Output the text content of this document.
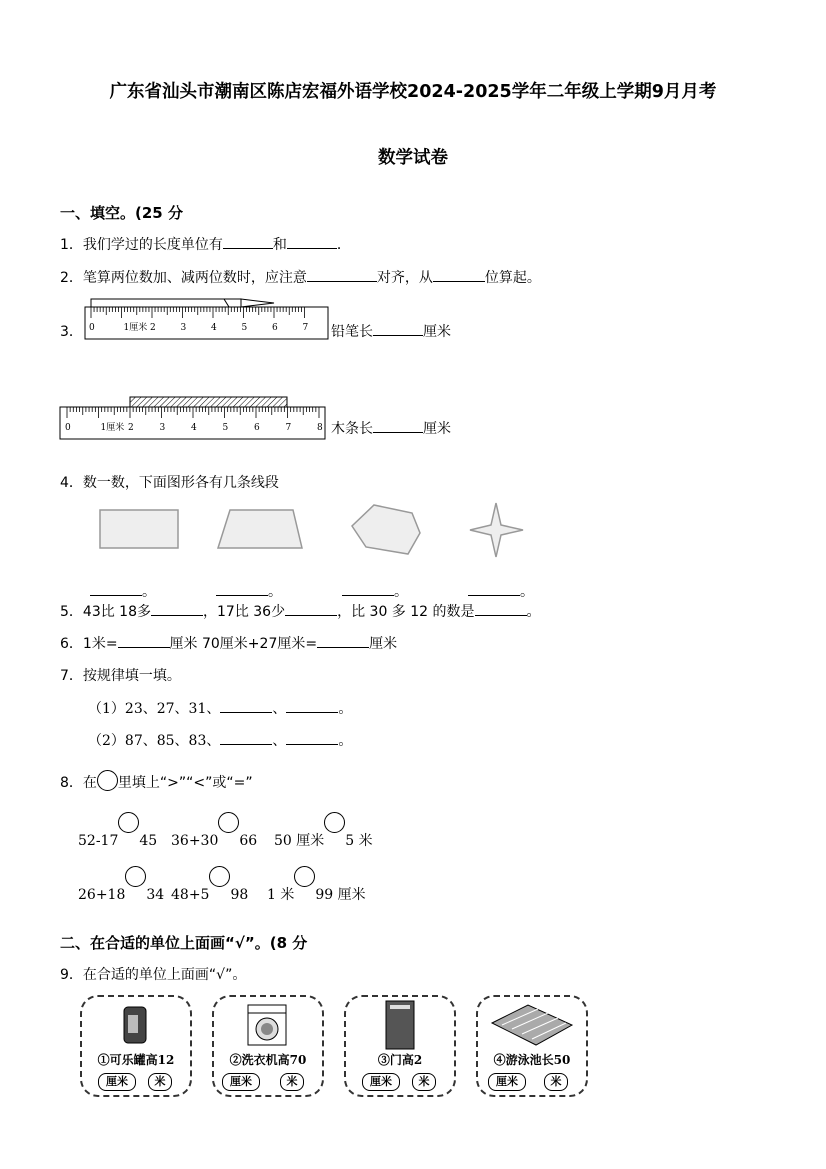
广东省汕头市潮南区陈店宏福外语学校2024-2025学年二年级上学期9月月考
数学试卷
一、填空。(25 分
1．我们学过的长度单位有	和	．
2．笔算两位数加、减两位数时，应注意	对齐，从	位算起。
3． 0	1厘米 2	3	4	5	6	7 铅笔长	厘米
0	1厘米 2	3	4	5	6	7	8 木条长	厘米
4．数一数，下面图形各有几条线段
。	。	。	。
5．43比 18多	，17比 36少	，比 30 多 12 的数是	。
6．1米=	厘米 70厘米+27厘米=	厘米
7．按规律填一填。
（1）23、27、31、	、	。
（2）87、85、83、	、	。
8．在 里填上“>”“<”或“=”
52-17 45 36+30 66 50 厘米 5 米
26+18 34 48+5 98 1 米 99 厘米
二、在合适的单位上面画“√”。(8 分
9．在合适的单位上面画“√”。
①可乐罐高12
厘米	米
②洗衣机高70
厘米	米
③门高2
厘米	米
④游泳池长50
厘米	米
